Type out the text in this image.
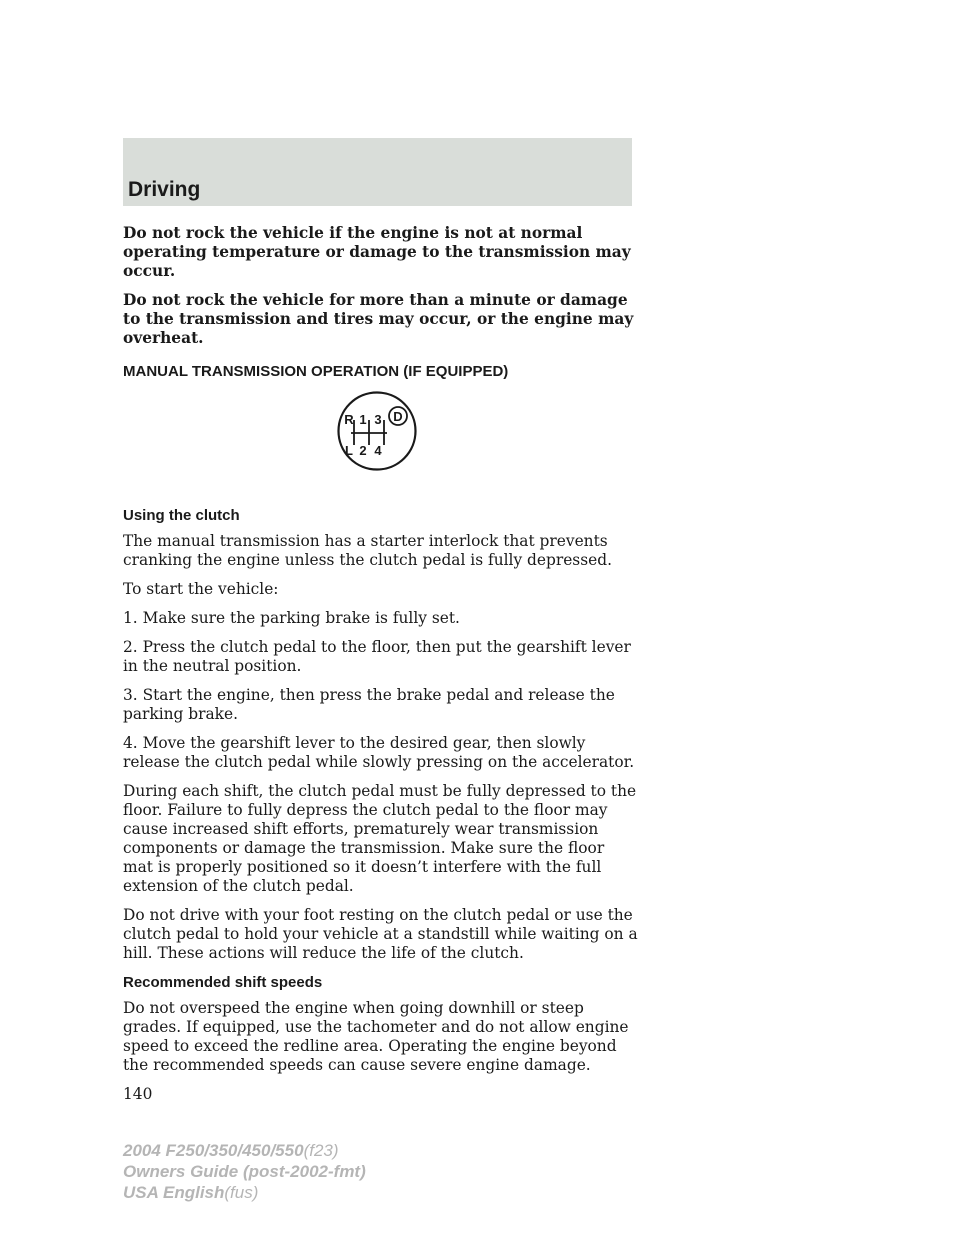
Driving

Do not rock the vehicle if the engine is not at normal operating temperature or damage to the transmission may occur.

Do not rock the vehicle for more than a minute or damage to the transmission and tires may occur, or the engine may overheat.

MANUAL TRANSMISSION OPERATION (IF EQUIPPED)
R 1 3
L 2 4
D
Using the clutch

The manual transmission has a starter interlock that prevents cranking the engine unless the clutch pedal is fully depressed.

To start the vehicle:

1. Make sure the parking brake is fully set.

2. Press the clutch pedal to the floor, then put the gearshift lever in the neutral position.

3. Start the engine, then press the brake pedal and release the parking brake.

4. Move the gearshift lever to the desired gear, then slowly release the clutch pedal while slowly pressing on the accelerator.

During each shift, the clutch pedal must be fully depressed to the floor. Failure to fully depress the clutch pedal to the floor may cause increased shift efforts, prematurely wear transmission components or damage the transmission. Make sure the floor mat is properly positioned so it doesn’t interfere with the full extension of the clutch pedal.

Do not drive with your foot resting on the clutch pedal or use the clutch pedal to hold your vehicle at a standstill while waiting on a hill. These actions will reduce the life of the clutch.

Recommended shift speeds

Do not overspeed the engine when going downhill or steep grades. If equipped, use the tachometer and do not allow engine speed to exceed the redline area. Operating the engine beyond the recommended speeds can cause severe engine damage.

140
2004 F250/350/450/550(f23)
Owners Guide (post-2002-fmt)
USA English(fus)
